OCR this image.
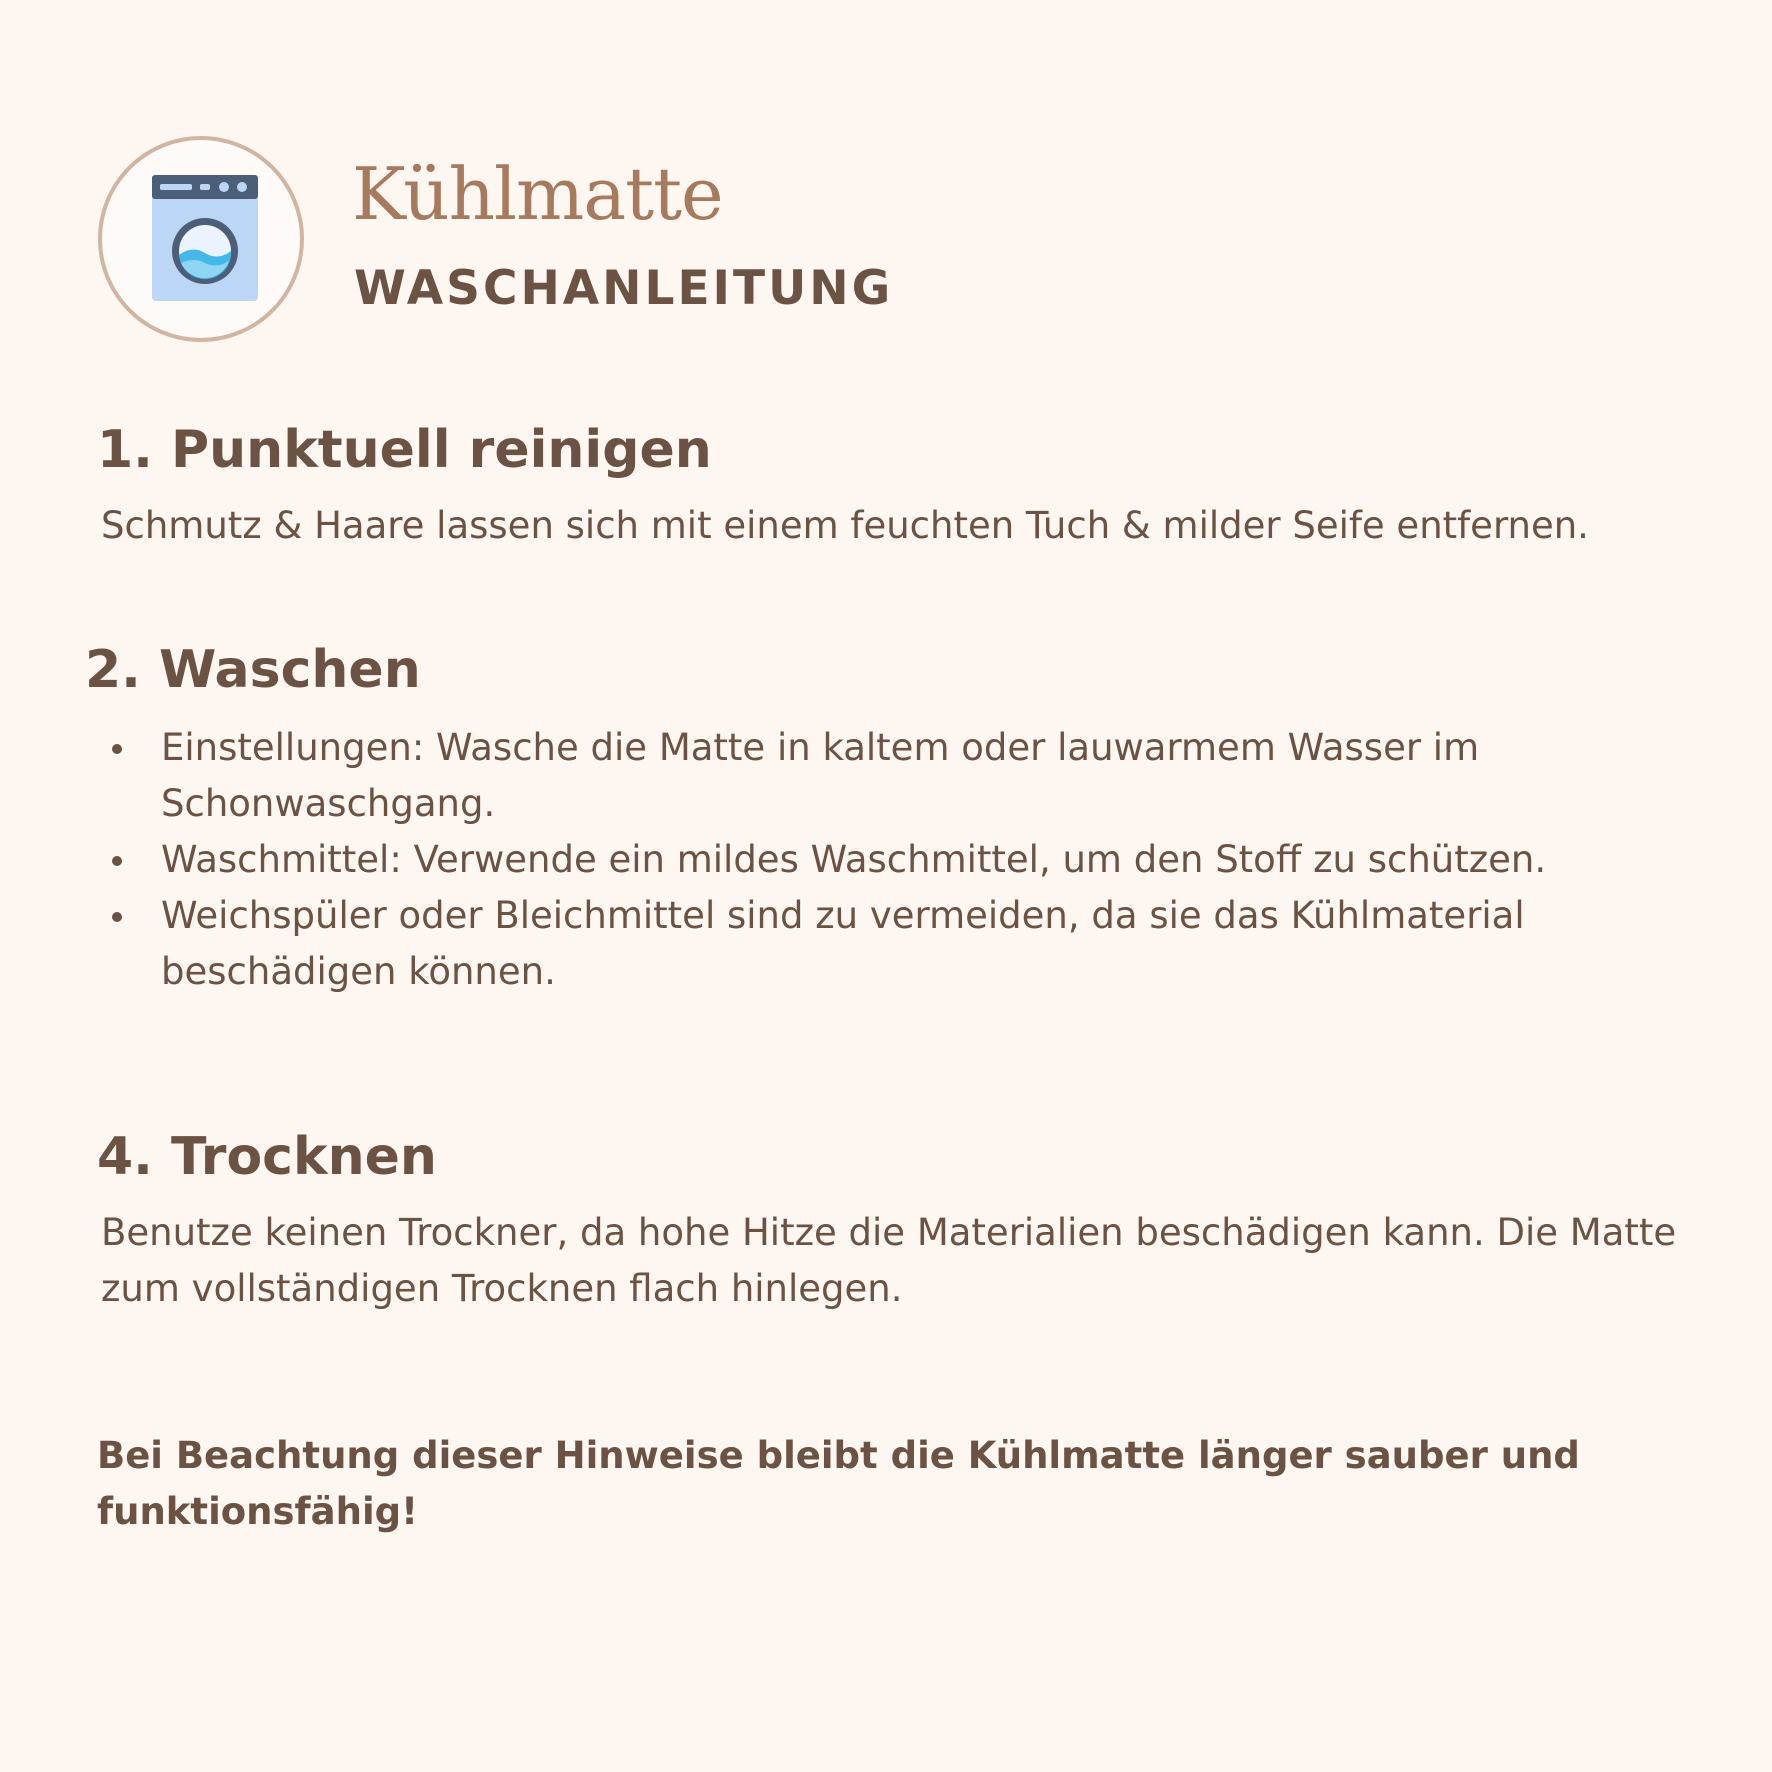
Kühlmatte
WASCHANLEITUNG
1. Punktuell reinigen

Schmutz & Haare lassen sich mit einem feuchten Tuch & milder Seife entfernen.

2. Waschen
Einstellungen: Wasche die Matte in kaltem oder lauwarmem Wasser im Schonwaschgang.
Waschmittel: Verwende ein mildes Waschmittel, um den Stoff zu schützen.
Weichspüler oder Bleichmittel sind zu vermeiden, da sie das Kühlmaterial beschädigen können.
4. Trocknen

Benutze keinen Trockner, da hohe Hitze die Materialien beschädigen kann. Die Matte zum vollständigen Trocknen flach hinlegen.

Bei Beachtung dieser Hinweise bleibt die Kühlmatte länger sauber und funktionsfähig!
